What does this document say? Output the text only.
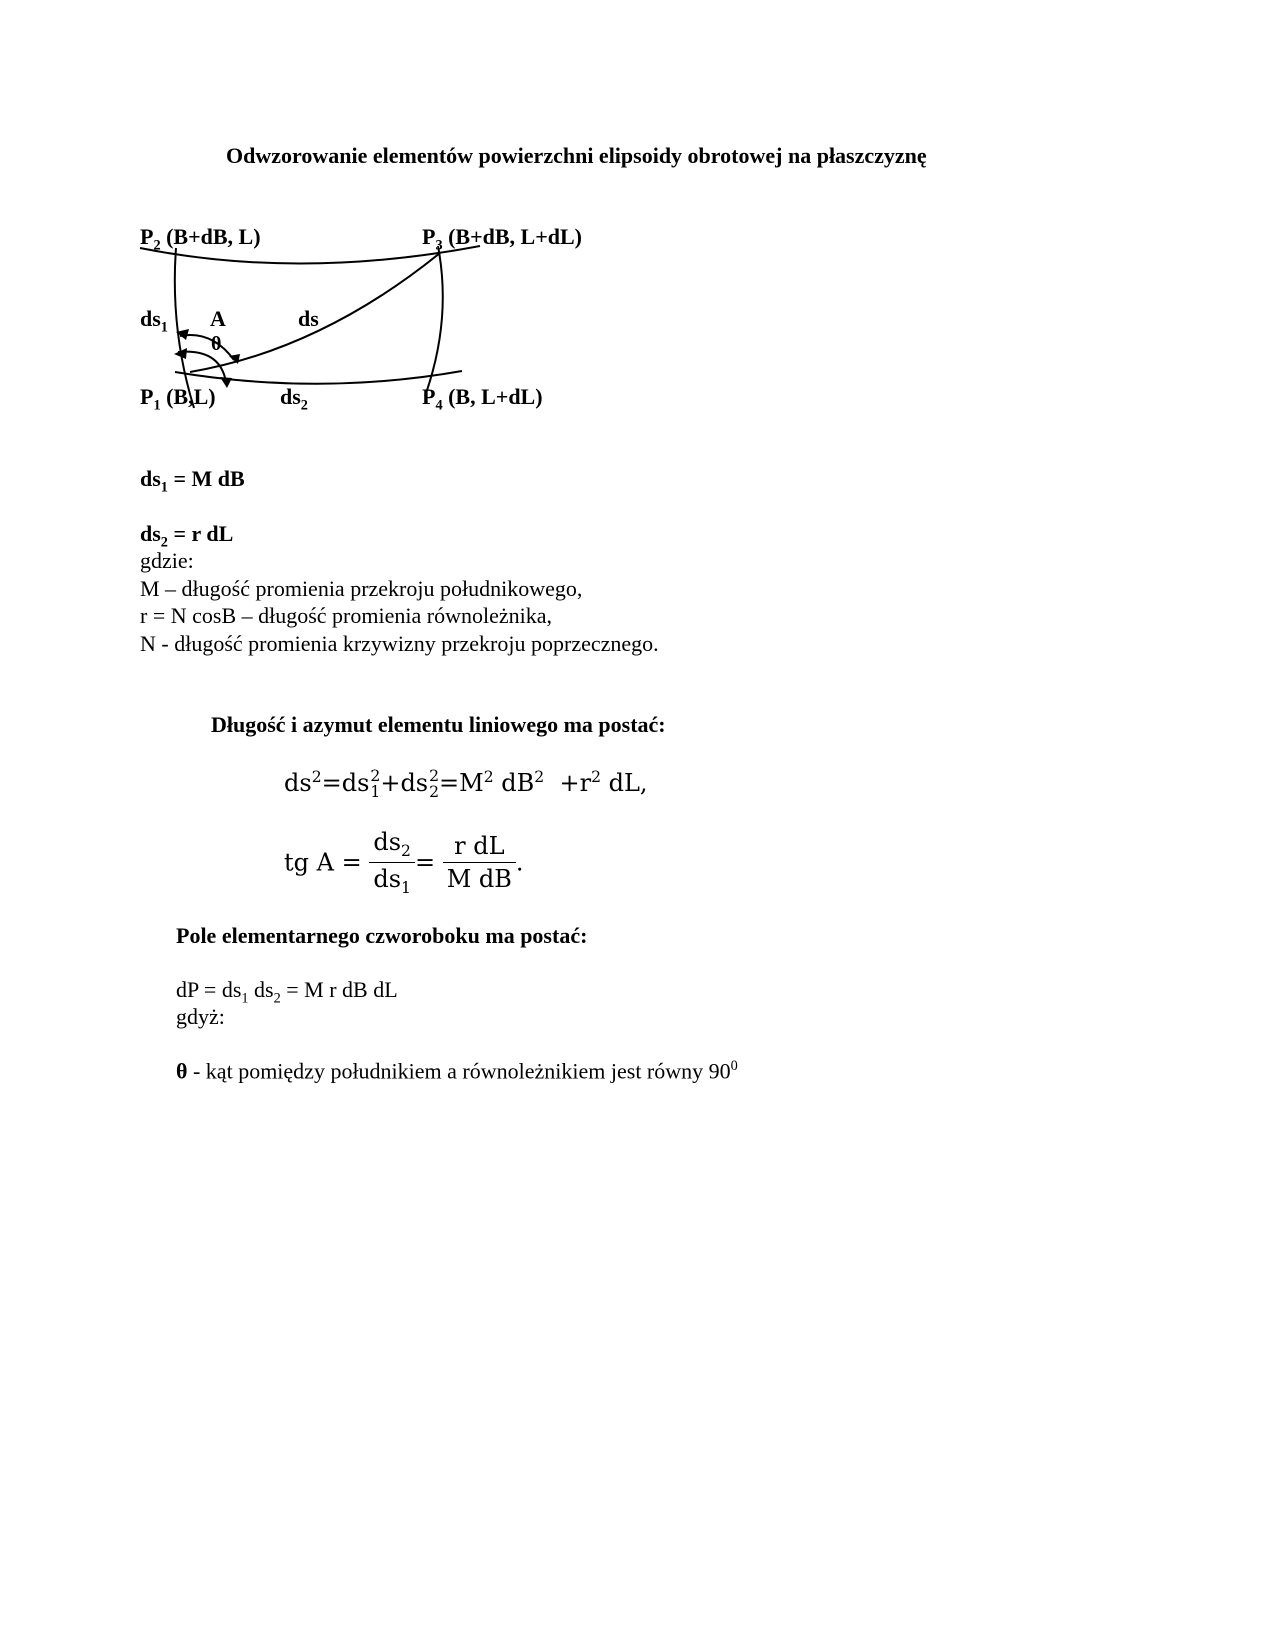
Odwzorowanie elementów powierzchni elipsoidy obrotowej na płaszczyznę
$P_2$ (B+dB, L)	$P_3$ (B+dB, L+dL)
$ds_1$ A	ds
θ
$P_1$ (B,L)	$ds_2$	$P_4$ (B, L+dL)
$ds_1 = M$ dB
$ds_2 = r$ dL
gdzie:
M – długość promienia przekroju południkowego,
r = N cosB – długość promienia równoleżnika,
N - długość promienia krzywizny przekroju poprzecznego.
Długość i azymut elementu liniowego ma postać:
$ds^2=ds$ 2
1 +ds 2
$2 =M^2$ $dB^2 +r^2$ dL,
tg $A = \frac{ds_2}{ds_1} = \frac{\text{r dL}}{\text{M dB}}$ .
Pole elementarnego czworoboku ma postać:
dP = $ds_1$ $ds_2 = M$ r dB dL
gdyż:
θ - kąt pomiędzy południkiem a równoleżnikiem jest równy $90^0$
